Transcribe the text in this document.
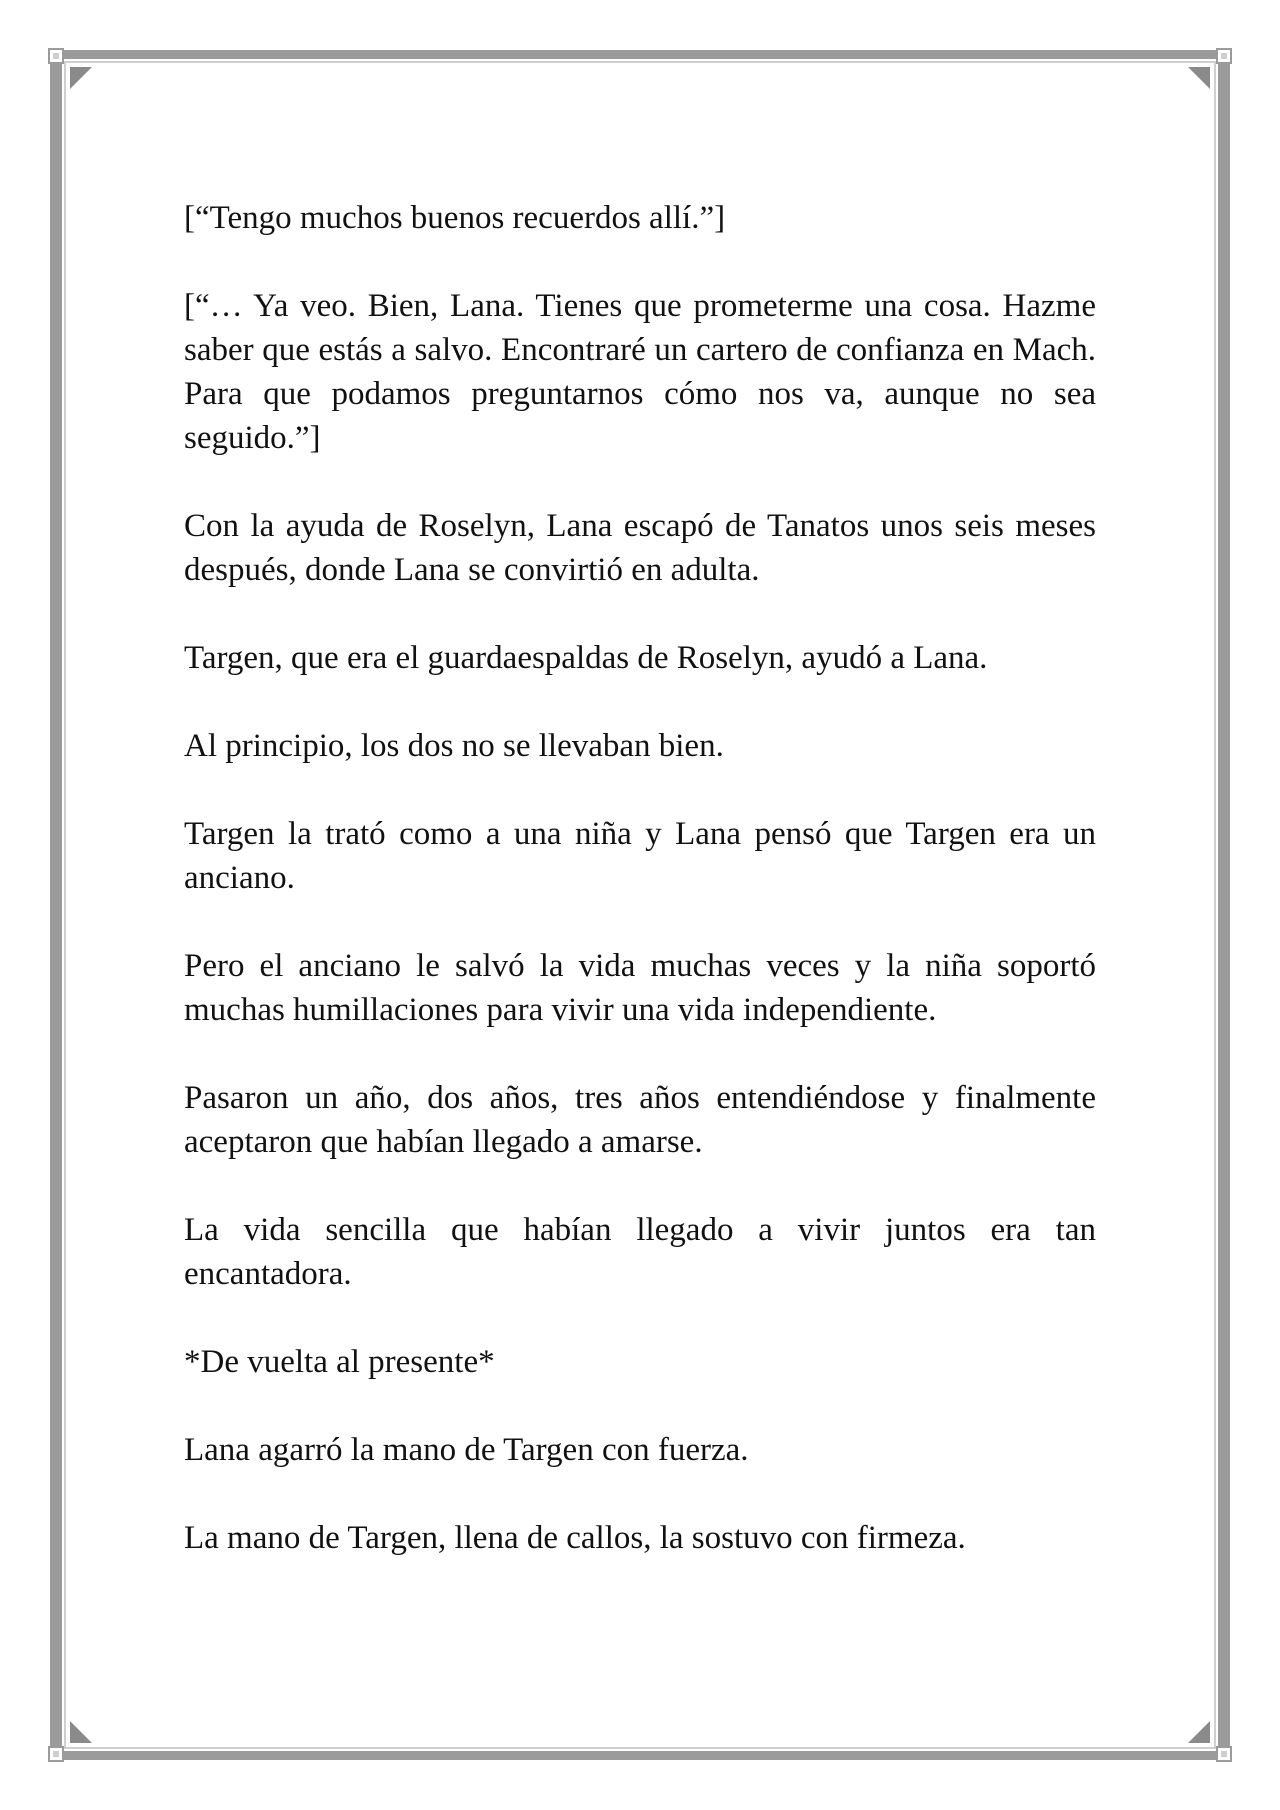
[“Tengo muchos buenos recuerdos allí.”]

[“… Ya veo. Bien, Lana. Tienes que prometerme una cosa. Hazme saber que estás a salvo. Encontraré un cartero de confianza en Mach. Para que podamos preguntarnos cómo nos va, aunque no sea seguido.”]

Con la ayuda de Roselyn, Lana escapó de Tanatos unos seis meses después, donde Lana se convirtió en adulta.

Targen, que era el guardaespaldas de Roselyn, ayudó a Lana.

Al principio, los dos no se llevaban bien.

Targen la trató como a una niña y Lana pensó que Targen era un anciano.

Pero el anciano le salvó la vida muchas veces y la niña soportó muchas humillaciones para vivir una vida independiente.

Pasaron un año, dos años, tres años entendiéndose y finalmente aceptaron que habían llegado a amarse.

La vida sencilla que habían llegado a vivir juntos era tan encantadora.

*De vuelta al presente*

Lana agarró la mano de Targen con fuerza.

La mano de Targen, llena de callos, la sostuvo con firmeza.
